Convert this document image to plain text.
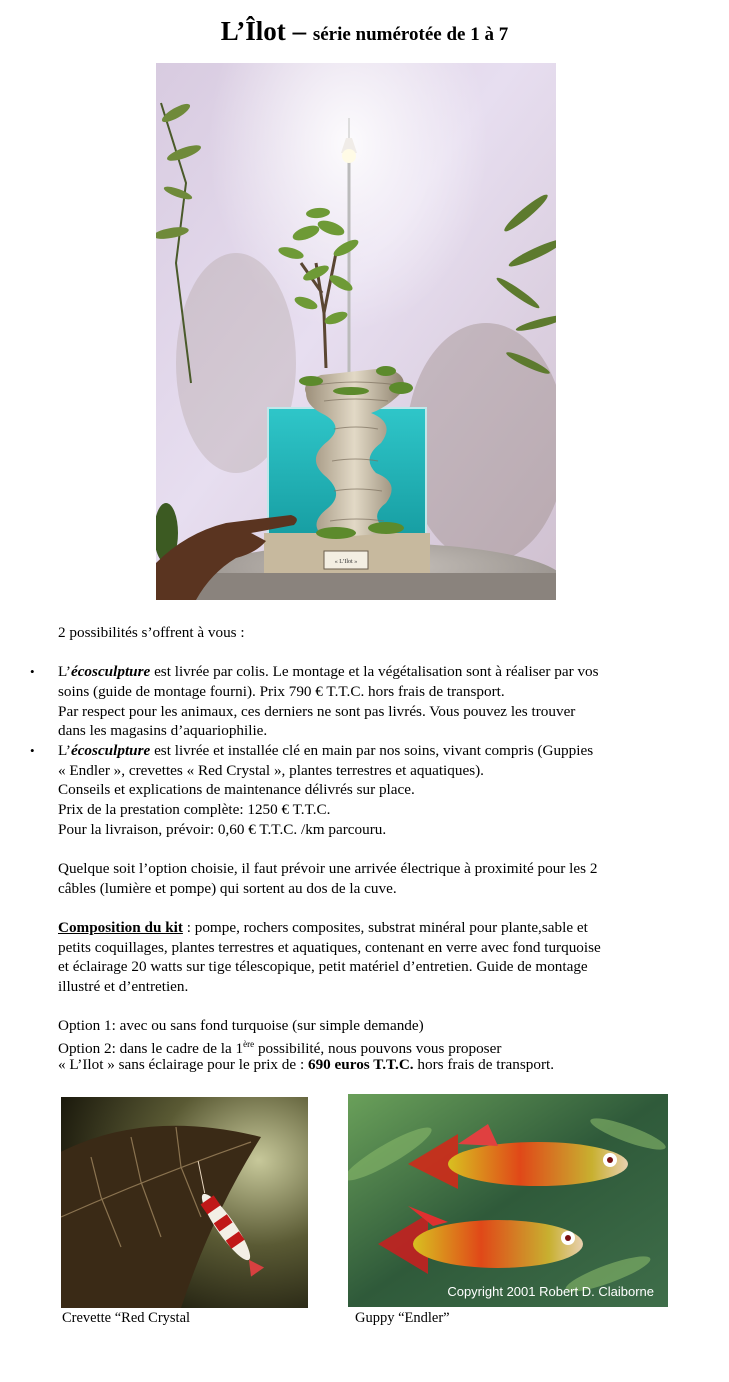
L’Îlot – série numérotée de 1 à 7
« L’Ilot »
2 possibilités s’offrent à vous :
• L’écosculpture est livrée par colis. Le montage et la végétalisation sont à réaliser par vos
soins (guide de montage fourni). Prix 790 € T.T.C. hors frais de transport.
Par respect pour les animaux, ces derniers ne sont pas livrés. Vous pouvez les trouver
dans les magasins d’aquariophilie.
• L’écosculpture est livrée et installée clé en main par nos soins, vivant compris (Guppies
« Endler », crevettes « Red Crystal », plantes terrestres et aquatiques).
Conseils et explications de maintenance délivrés sur place.
Prix de la prestation complète: 1250 € T.T.C.
Pour la livraison, prévoir: 0,60 € T.T.C. /km parcouru.
Quelque soit l’option choisie, il faut prévoir une arrivée électrique à proximité pour les 2
câbles (lumière et pompe) qui sortent au dos de la cuve.
Composition du kit : pompe, rochers composites, substrat minéral pour plante,sable et
petits coquillages, plantes terrestres et aquatiques, contenant en verre avec fond turquoise
et éclairage 20 watts sur tige télescopique, petit matériel d’entretien. Guide de montage
illustré et d’entretien.
Option 1: avec ou sans fond turquoise (sur simple demande)
Option 2: dans le cadre de la 1ère possibilité, nous pouvons vous proposer
« L’Ilot » sans éclairage pour le prix de : 690 euros T.T.C. hors frais de transport.
Copyright 2001 Robert D. Claiborne
Crevette “Red Crystal	Guppy “Endler”
